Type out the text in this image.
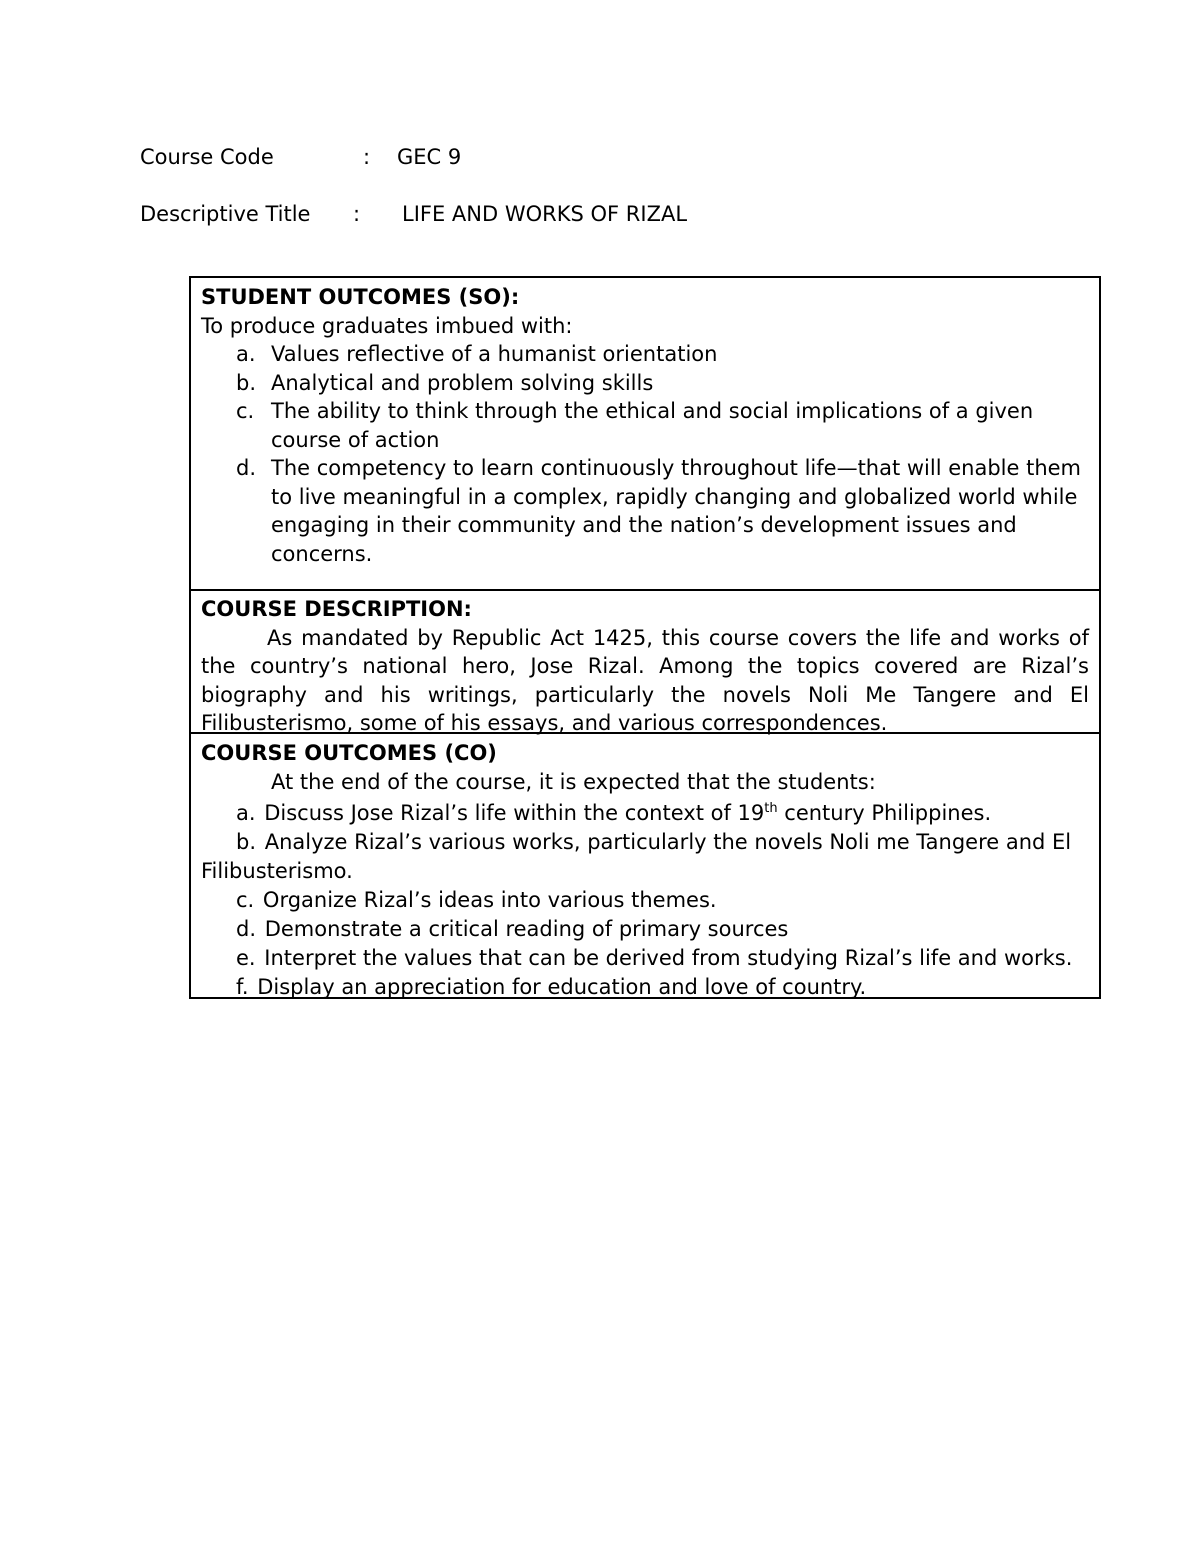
Course Code	: GEC 9
Descriptive Title : LIFE AND WORKS OF RIZAL
STUDENT OUTCOMES (SO):
To produce graduates imbued with:
a. Values reflective of a humanist orientation
b. Analytical and problem solving skills
c. The ability to think through the ethical and social implications of a given course of action
d. The competency to learn continuously throughout life—that will enable them to live meaningful in a complex, rapidly changing and globalized world while engaging in their community and the nation’s development issues and concerns.
COURSE DESCRIPTION:

As mandated by Republic Act 1425, this course covers the life and works of the country’s national hero, Jose Rizal. Among the topics covered are Rizal’s biography and his writings, particularly the novels Noli Me Tangere and El Filibusterismo, some of his essays, and various correspondences.

COURSE OUTCOMES (CO)
At the end of the course, it is expected that the students:
a. Discuss Jose Rizal’s life within the context of 19th century Philippines.
b. Analyze Rizal’s various works, particularly the novels Noli me Tangere and El Filibusterismo.
c. Organize Rizal’s ideas into various themes.
d. Demonstrate a critical reading of primary sources
e. Interpret the values that can be derived from studying Rizal’s life and works.
f. Display an appreciation for education and love of country.
